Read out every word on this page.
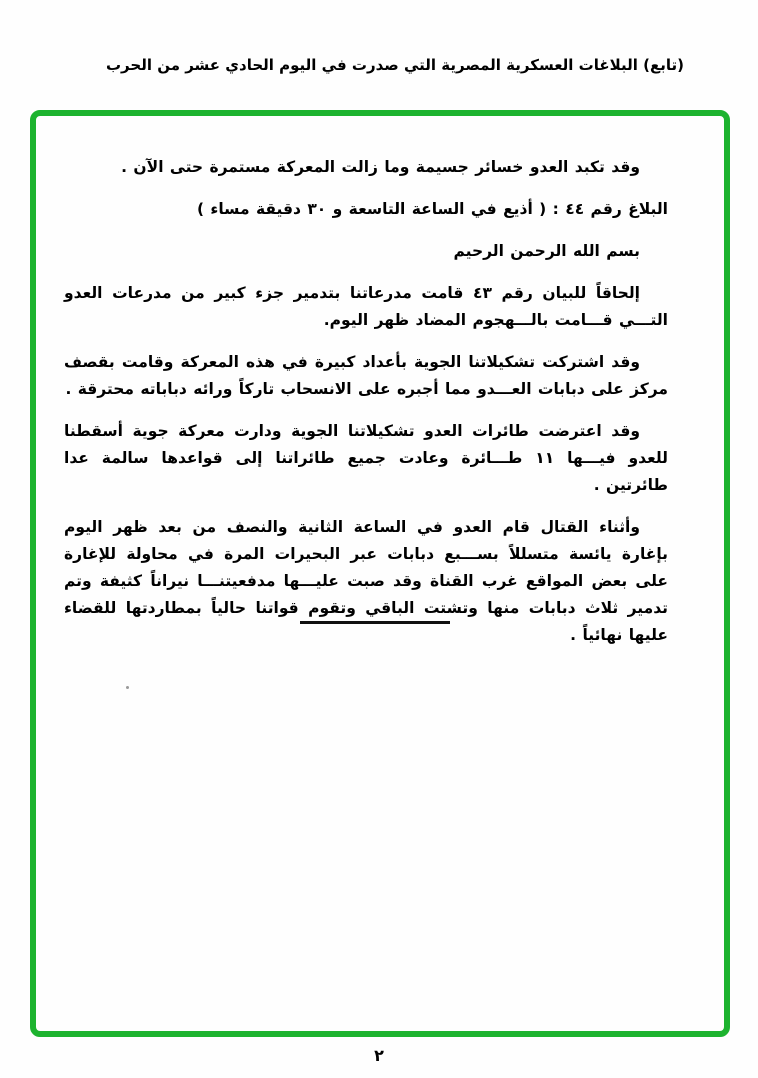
(تابع) البلاغات العسكرية المصرية التي صدرت في اليوم الحادي عشر من الحرب

وقد تكبد العدو خسائر جسيمة وما زالت المعركة مستمرة حتى الآن .

البلاغ رقم ٤٤ : ( أذيع في الساعة التاسعة و ٣٠ دقيقة مساء )

بسم الله الرحمن الرحيم

إلحاقاً للبيان رقم ٤٣ قامت مدرعاتنا بتدمير جزء كبير من مدرعات العدو التـــي قـــامت بالـــهجوم المضاد ظهر اليوم.

وقد اشتركت تشكيلاتنا الجوية بأعداد كبيرة في هذه المعركة وقامت بقصف مركز على دبابات العـــدو مما أجبره على الانسحاب تاركاً ورائه دباباته محترقة .

وقد اعترضت طائرات العدو تشكيلاتنا الجوية ودارت معركة جوية أسقطنا للعدو فيـــها ١١ طـــائرة وعادت جميع طائراتنا إلى قواعدها سالمة عدا طائرتين .

وأثناء القتال قام العدو في الساعة الثانية والنصف من بعد ظهر اليوم بإغارة يائسة متسللاً بســـبع دبابات عبر البحيرات المرة في محاولة للإغارة على بعض المواقع غرب القناة وقد صبت عليـــها مدفعيتنـــا نيراناً كثيفة وتم تدمير ثلاث دبابات منها وتشتت الباقي وتقوم قواتنا حالياً بمطاردتها للقضاء عليها نهائياً .

٢
